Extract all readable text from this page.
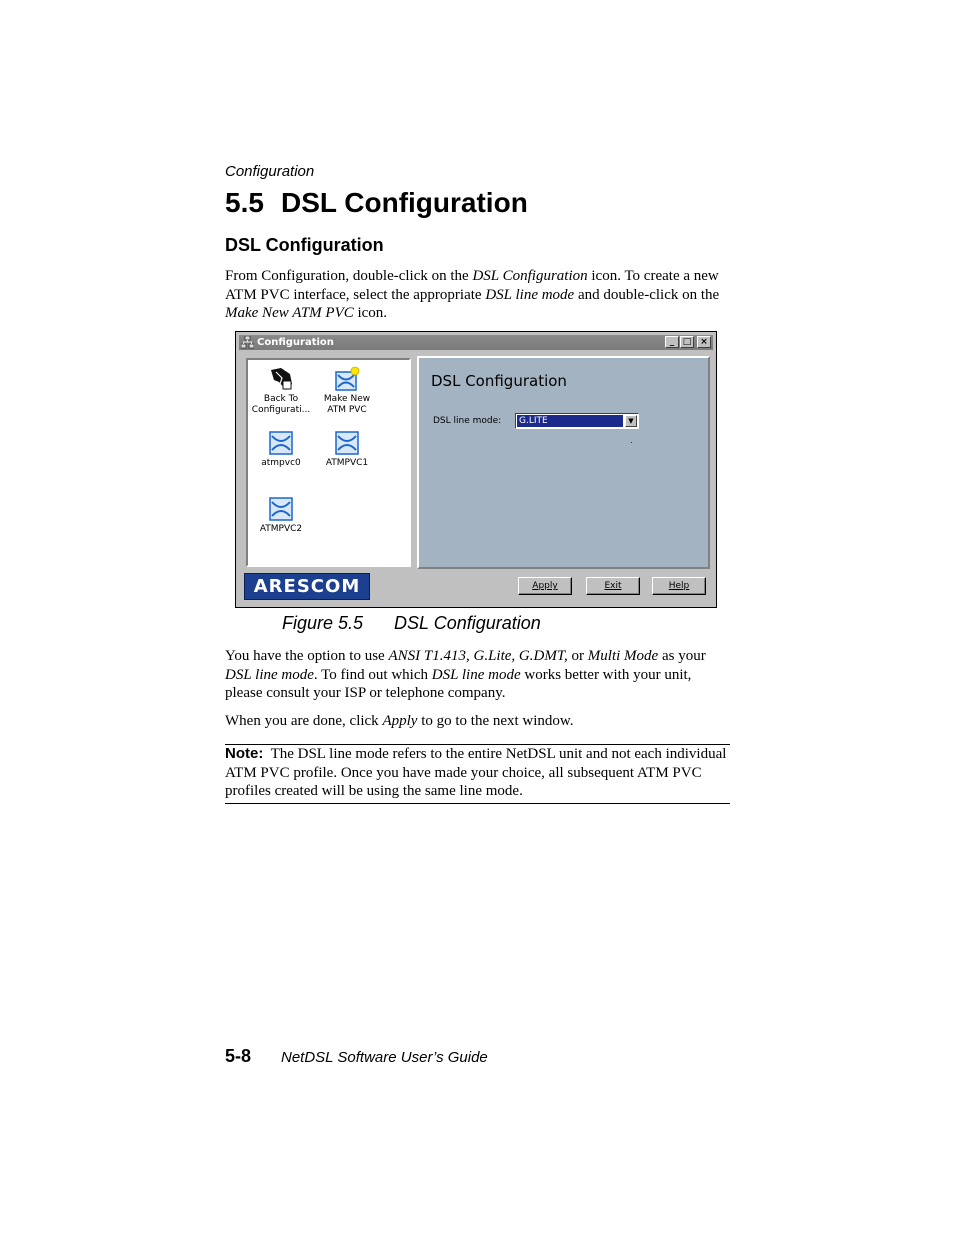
Configuration
5.5 DSL Configuration
DSL Configuration

From Configuration, double-click on the DSL Configuration icon. To create a new ATM PVC interface, select the appropriate DSL line mode and double-click on the Make New ATM PVC icon.

Configuration	_ □ ×
Back To
Configurati...
Make New
ATM PVC
atmpvc0	ATMPVC1
ATMPVC2
DSL Configuration
DSL line mode: G.LITE	▼
ARESCOM	Apply	Exit	Help
Figure 5.5 DSL Configuration

You have the option to use ANSI T1.413, G.Lite, G.DMT, or Multi Mode as your DSL line mode. To find out which DSL line mode works better with your unit, please consult your ISP or telephone company.

When you are done, click Apply to go to the next window.

Note: The DSL line mode refers to the entire NetDSL unit and not each individual ATM PVC profile. Once you have made your choice, all subsequent ATM PVC profiles created will be using the same line mode.

5-8 NetDSL Software User’s Guide
